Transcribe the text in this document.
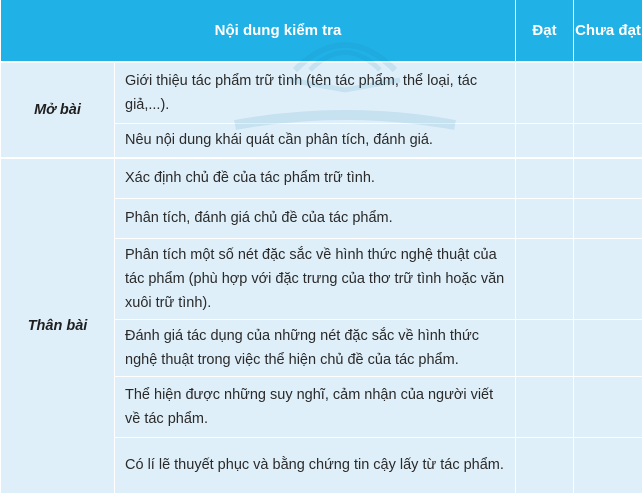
Nội dung kiểm tra		Đạt	Chưa đạt
Mở bài	Giới thiệu tác phẩm trữ tình (tên tác phẩm, thể loại, tác giả,...).		
	Nêu nội dung khái quát cần phân tích, đánh giá.		
Thân bài	Xác định chủ đề của tác phẩm trữ tình.		
	Phân tích, đánh giá chủ đề của tác phẩm.		
	Phân tích một số nét đặc sắc về hình thức nghệ thuật của tác phẩm (phù hợp với đặc trưng của thơ trữ tình hoặc văn xuôi trữ tình).		
	Đánh giá tác dụng của những nét đặc sắc về hình thức nghệ thuật trong việc thể hiện chủ đề của tác phẩm.		
	Thể hiện được những suy nghĩ, cảm nhận của người viết về tác phẩm.		
	Có lí lẽ thuyết phục và bằng chứng tin cậy lấy từ tác phẩm.		
